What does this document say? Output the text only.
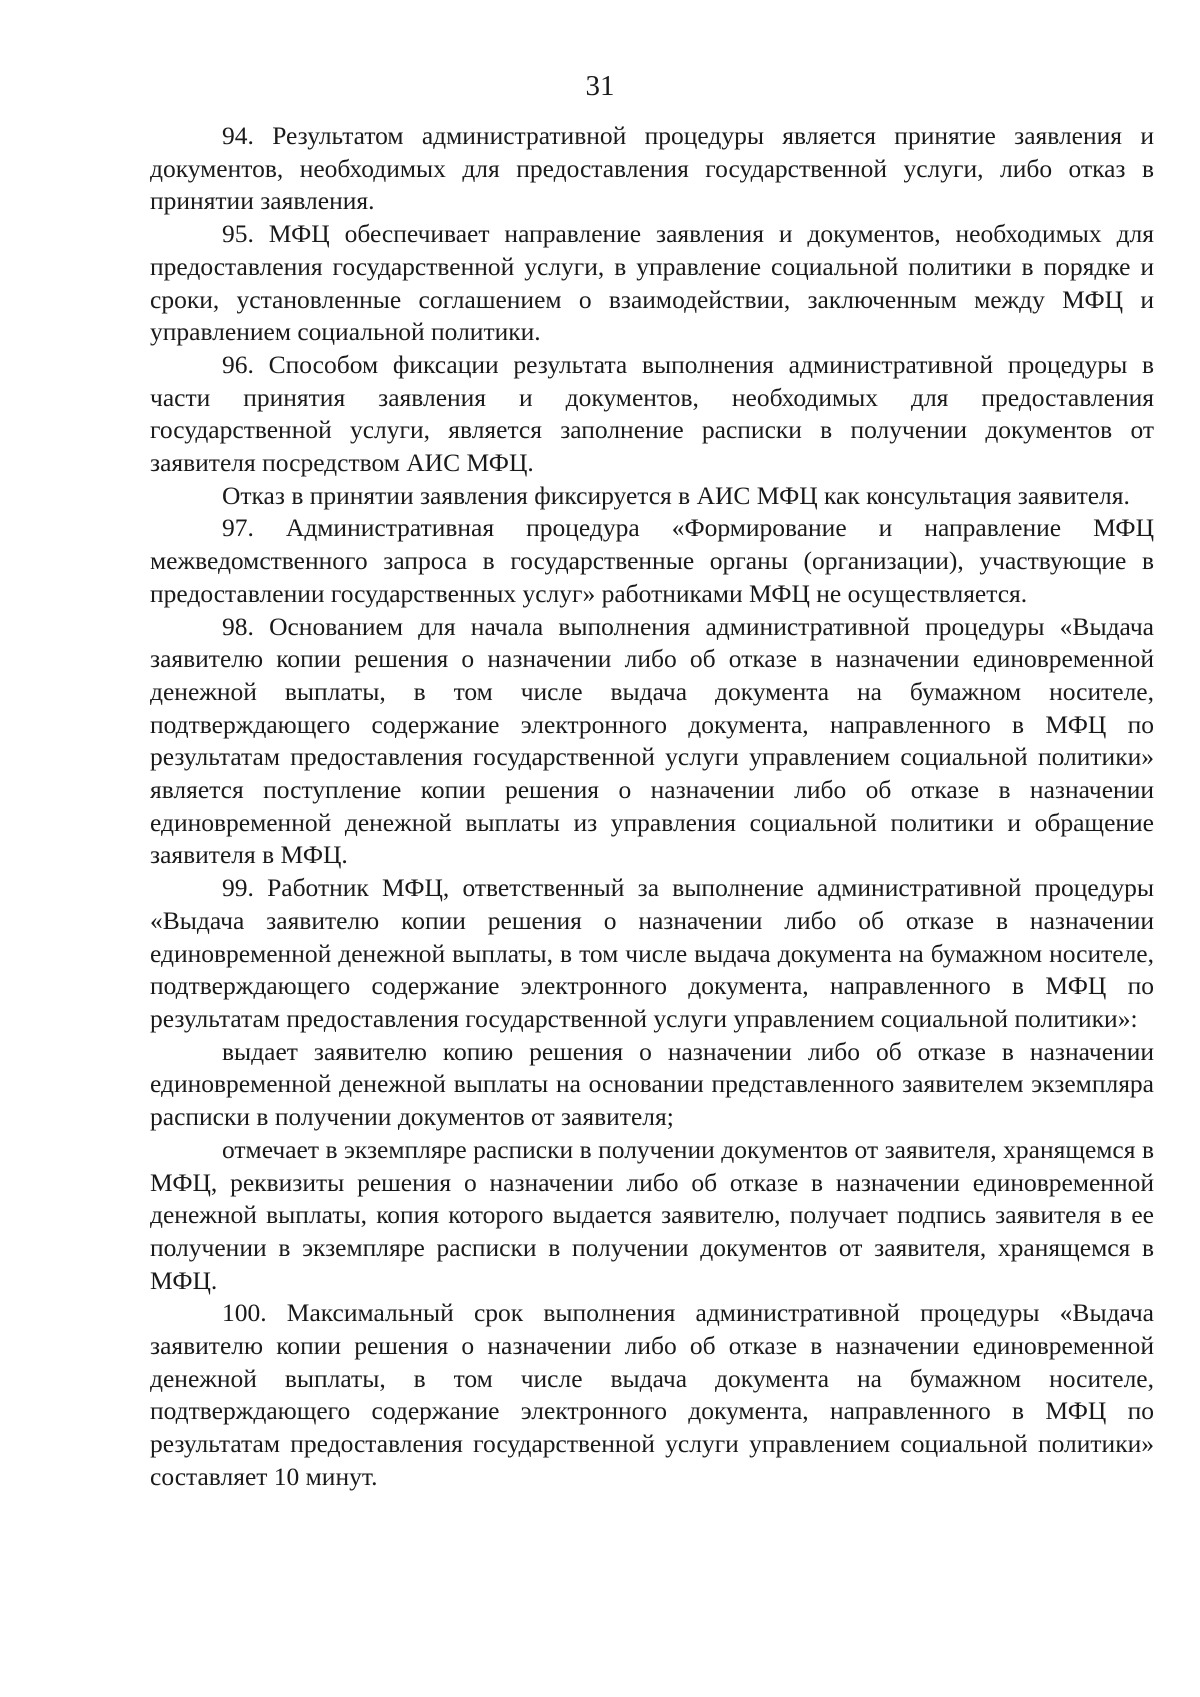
31

94. Результатом административной процедуры является принятие заявления и документов, необходимых для предоставления государственной услуги, либо отказ в принятии заявления.

95. МФЦ обеспечивает направление заявления и документов, необходимых для предоставления государственной услуги, в управление социальной политики в порядке и сроки, установленные соглашением о взаимодействии, заключенным между МФЦ и управлением социальной политики.

96. Способом фиксации результата выполнения административной процедуры в части принятия заявления и документов, необходимых для предоставления государственной услуги, является заполнение расписки в получении документов от заявителя посредством АИС МФЦ.

Отказ в принятии заявления фиксируется в АИС МФЦ как консультация заявителя.

97. Административная процедура «Формирование и направление МФЦ межведомственного запроса в государственные органы (организации), участвующие в предоставлении государственных услуг» работниками МФЦ не осуществляется.

98. Основанием для начала выполнения административной процедуры «Выдача заявителю копии решения о назначении либо об отказе в назначении единовременной денежной выплаты, в том числе выдача документа на бумажном носителе, подтверждающего содержание электронного документа, направленного в МФЦ по результатам предоставления государственной услуги управлением социальной политики» является поступление копии решения о назначении либо об отказе в назначении единовременной денежной выплаты из управления социальной политики и обращение заявителя в МФЦ.

99. Работник МФЦ, ответственный за выполнение административной процедуры «Выдача заявителю копии решения о назначении либо об отказе в назначении единовременной денежной выплаты, в том числе выдача документа на бумажном носителе, подтверждающего содержание электронного документа, направленного в МФЦ по результатам предоставления государственной услуги управлением социальной политики»:

выдает заявителю копию решения о назначении либо об отказе в назначении единовременной денежной выплаты на основании представленного заявителем экземпляра расписки в получении документов от заявителя;

отмечает в экземпляре расписки в получении документов от заявителя, хранящемся в МФЦ, реквизиты решения о назначении либо об отказе в назначении единовременной денежной выплаты, копия которого выдается заявителю, получает подпись заявителя в ее получении в экземпляре расписки в получении документов от заявителя, хранящемся в МФЦ.

100. Максимальный срок выполнения административной процедуры «Выдача заявителю копии решения о назначении либо об отказе в назначении единовременной денежной выплаты, в том числе выдача документа на бумажном носителе, подтверждающего содержание электронного документа, направленного в МФЦ по результатам предоставления государственной услуги управлением социальной политики» составляет 10 минут.
